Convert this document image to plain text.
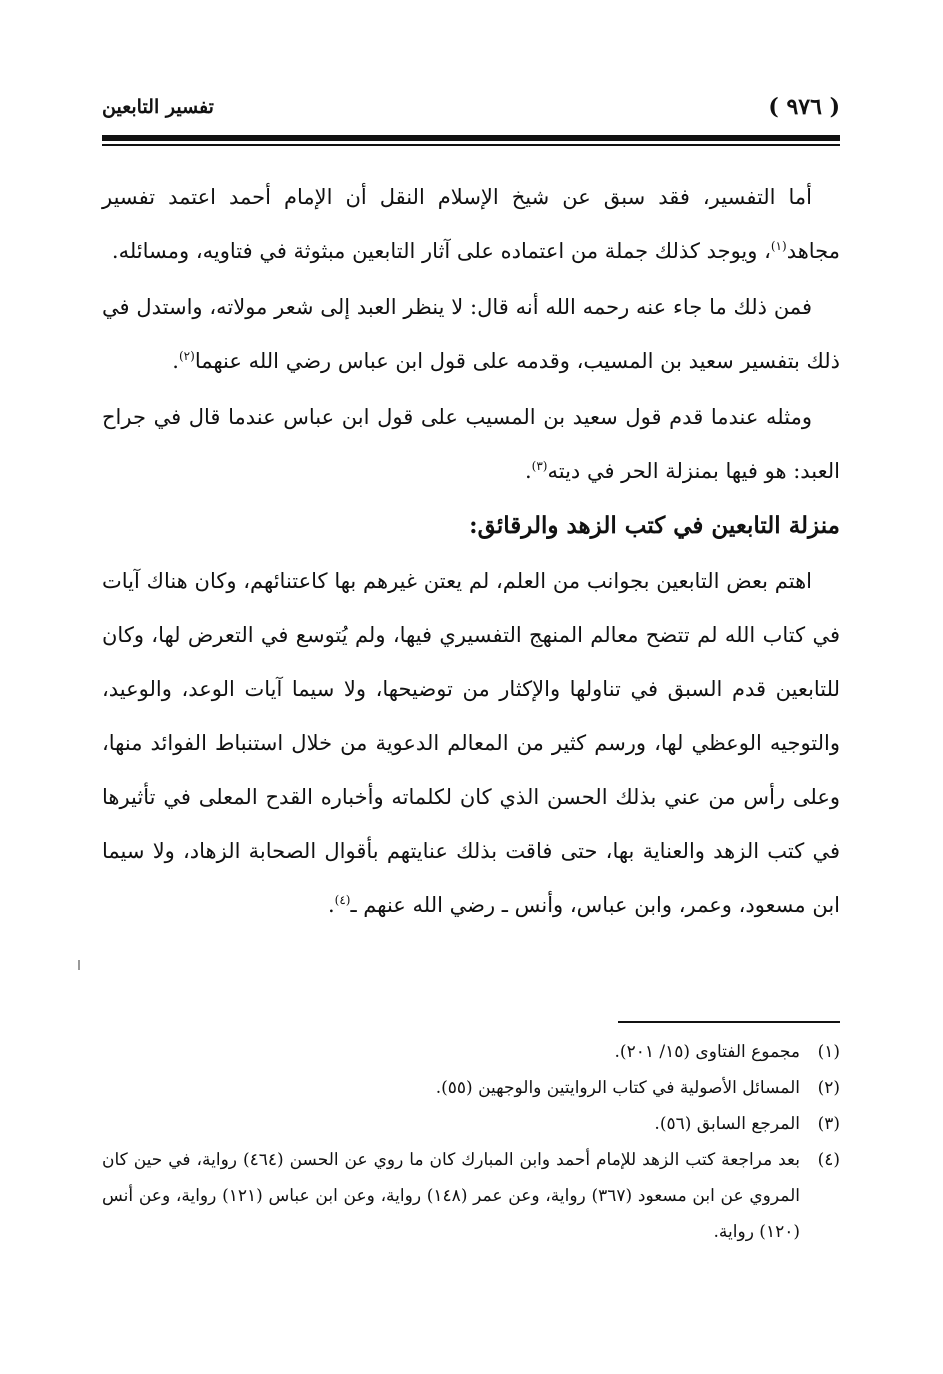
( ٩٧٦ )
تفسير التابعين

أما التفسير، فقد سبق عن شيخ الإسلام النقل أن الإمام أحمد اعتمد تفسير مجاهد$^{(١)}$، ويوجد كذلك جملة من اعتماده على آثار التابعين مبثوثة في فتاويه، ومسائله.

فمن ذلك ما جاء عنه رحمه الله أنه قال: لا ينظر العبد إلى شعر مولاته، واستدل في ذلك بتفسير سعيد بن المسيب، وقدمه على قول ابن عباس رضي الله عنهما$^{(٢)}$.

ومثله عندما قدم قول سعيد بن المسيب على قول ابن عباس عندما قال في جراح العبد: هو فيها بمنزلة الحر في ديته$^{(٣)}$.

منزلة التابعين في كتب الزهد والرقائق:

اهتم بعض التابعين بجوانب من العلم، لم يعتن غيرهم بها كاعتنائهم، وكان هناك آيات في كتاب الله لم تتضح معالم المنهج التفسيري فيها، ولم يُتوسع في التعرض لها، وكان للتابعين قدم السبق في تناولها والإكثار من توضيحها، ولا سيما آيات الوعد، والوعيد، والتوجيه الوعظي لها، ورسم كثير من المعالم الدعوية من خلال استنباط الفوائد منها، وعلى رأس من عني بذلك الحسن الذي كان لكلماته وأخباره القدح المعلى في تأثيرها في كتب الزهد والعناية بها، حتى فاقت بذلك عنايتهم بأقوال الصحابة الزهاد، ولا سيما ابن مسعود، وعمر، وابن عباس، وأنس ـ رضي الله عنهم ـ$^{(٤)}$.

(١)
مجموع الفتاوى (١٥/ ٢٠١).
(٢)
المسائل الأصولية في كتاب الروايتين والوجهين (٥٥).
(٣)
المرجع السابق (٥٦).
(٤)
بعد مراجعة كتب الزهد للإمام أحمد وابن المبارك كان ما روي عن الحسن (٤٦٤) رواية، في حين كان المروي عن ابن مسعود (٣٦٧) رواية، وعن عمر (١٤٨) رواية، وعن ابن عباس (١٢١) رواية، وعن أنس (١٢٠) رواية.
